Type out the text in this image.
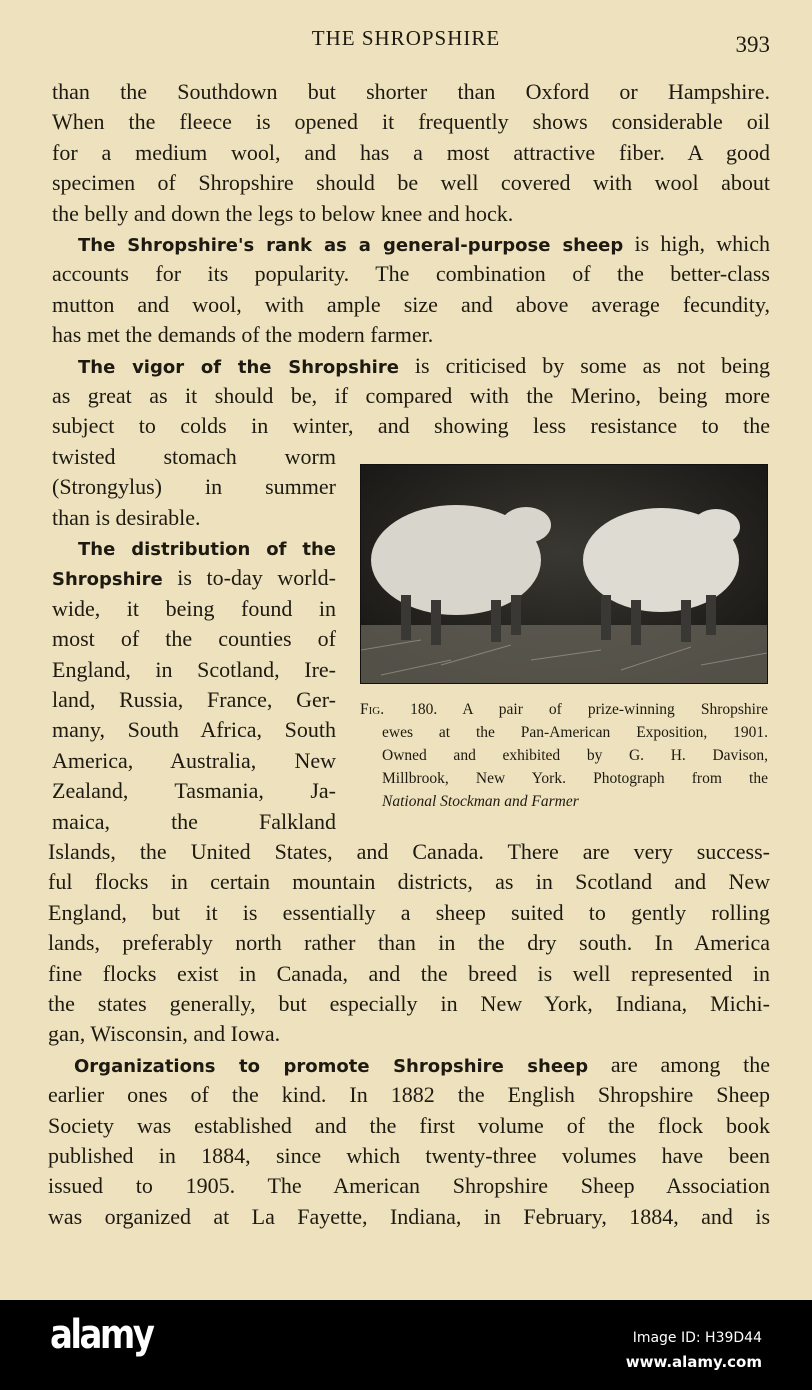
THE SHROPSHIRE	393
than the Southdown but shorter than Oxford or Hampshire.
When the fleece is opened it frequently shows considerable oil
for a medium wool, and has a most attractive fiber. A good
specimen of Shropshire should be well covered with wool about
the belly and down the legs to below knee and hock.
The Shropshire's rank as a general-purpose sheep is high, which
accounts for its popularity. The combination of the better-class
mutton and wool, with ample size and above average fecundity,
has met the demands of the modern farmer.
The vigor of the Shropshire is criticised by some as not being
as great as it should be, if compared with the Merino, being more
subject to colds in winter, and showing less resistance to the
twisted stomach worm
(Strongylus) in summer
than is desirable.
The distribution of the
Shropshire is to-day world-
wide, it being found in
most of the counties of
England, in Scotland, Ire-
land, Russia, France, Ger-
many, South Africa, South
America, Australia, New
Zealand, Tasmania, Ja-
maica, the Falkland
Islands, the United States, and Canada. There are very success-
ful flocks in certain mountain districts, as in Scotland and New
England, but it is essentially a sheep suited to gently rolling
lands, preferably north rather than in the dry south. In America
fine flocks exist in Canada, and the breed is well represented in
the states generally, but especially in New York, Indiana, Michi-
gan, Wisconsin, and Iowa.
Organizations to promote Shropshire sheep are among the
earlier ones of the kind. In 1882 the English Shropshire Sheep
Society was established and the first volume of the flock book
published in 1884, since which twenty-three volumes have been
issued to 1905. The American Shropshire Sheep Association
was organized at La Fayette, Indiana, in February, 1884, and is
Fig. 180. A pair of prize-winning Shropshire
ewes at the Pan-American Exposition, 1901.
Owned and exhibited by G. H. Davison,
Millbrook, New York. Photograph from the
National Stockman and Farmer
alamy	Image ID: H39D44
www.alamy.com
